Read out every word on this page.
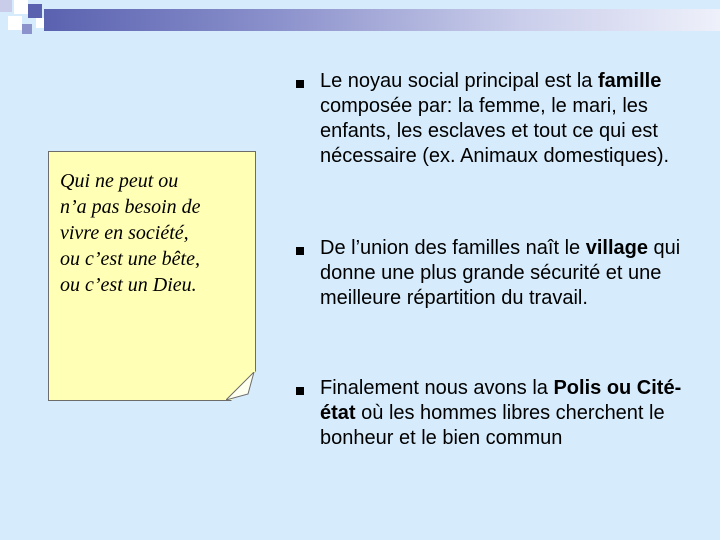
Qui ne peut ou
n’a pas besoin de
vivre en société,
ou c’est une bête,
ou c’est un Dieu.
Le noyau social principal est la famille composée par: la femme, le mari, les enfants, les esclaves et tout ce qui est nécessaire (ex. Animaux domestiques).
De l’union des familles naît le village qui donne une plus grande sécurité et une meilleure répartition du travail.
Finalement nous avons la Polis ou Cité-état où les hommes libres cherchent le bonheur et le bien commun
